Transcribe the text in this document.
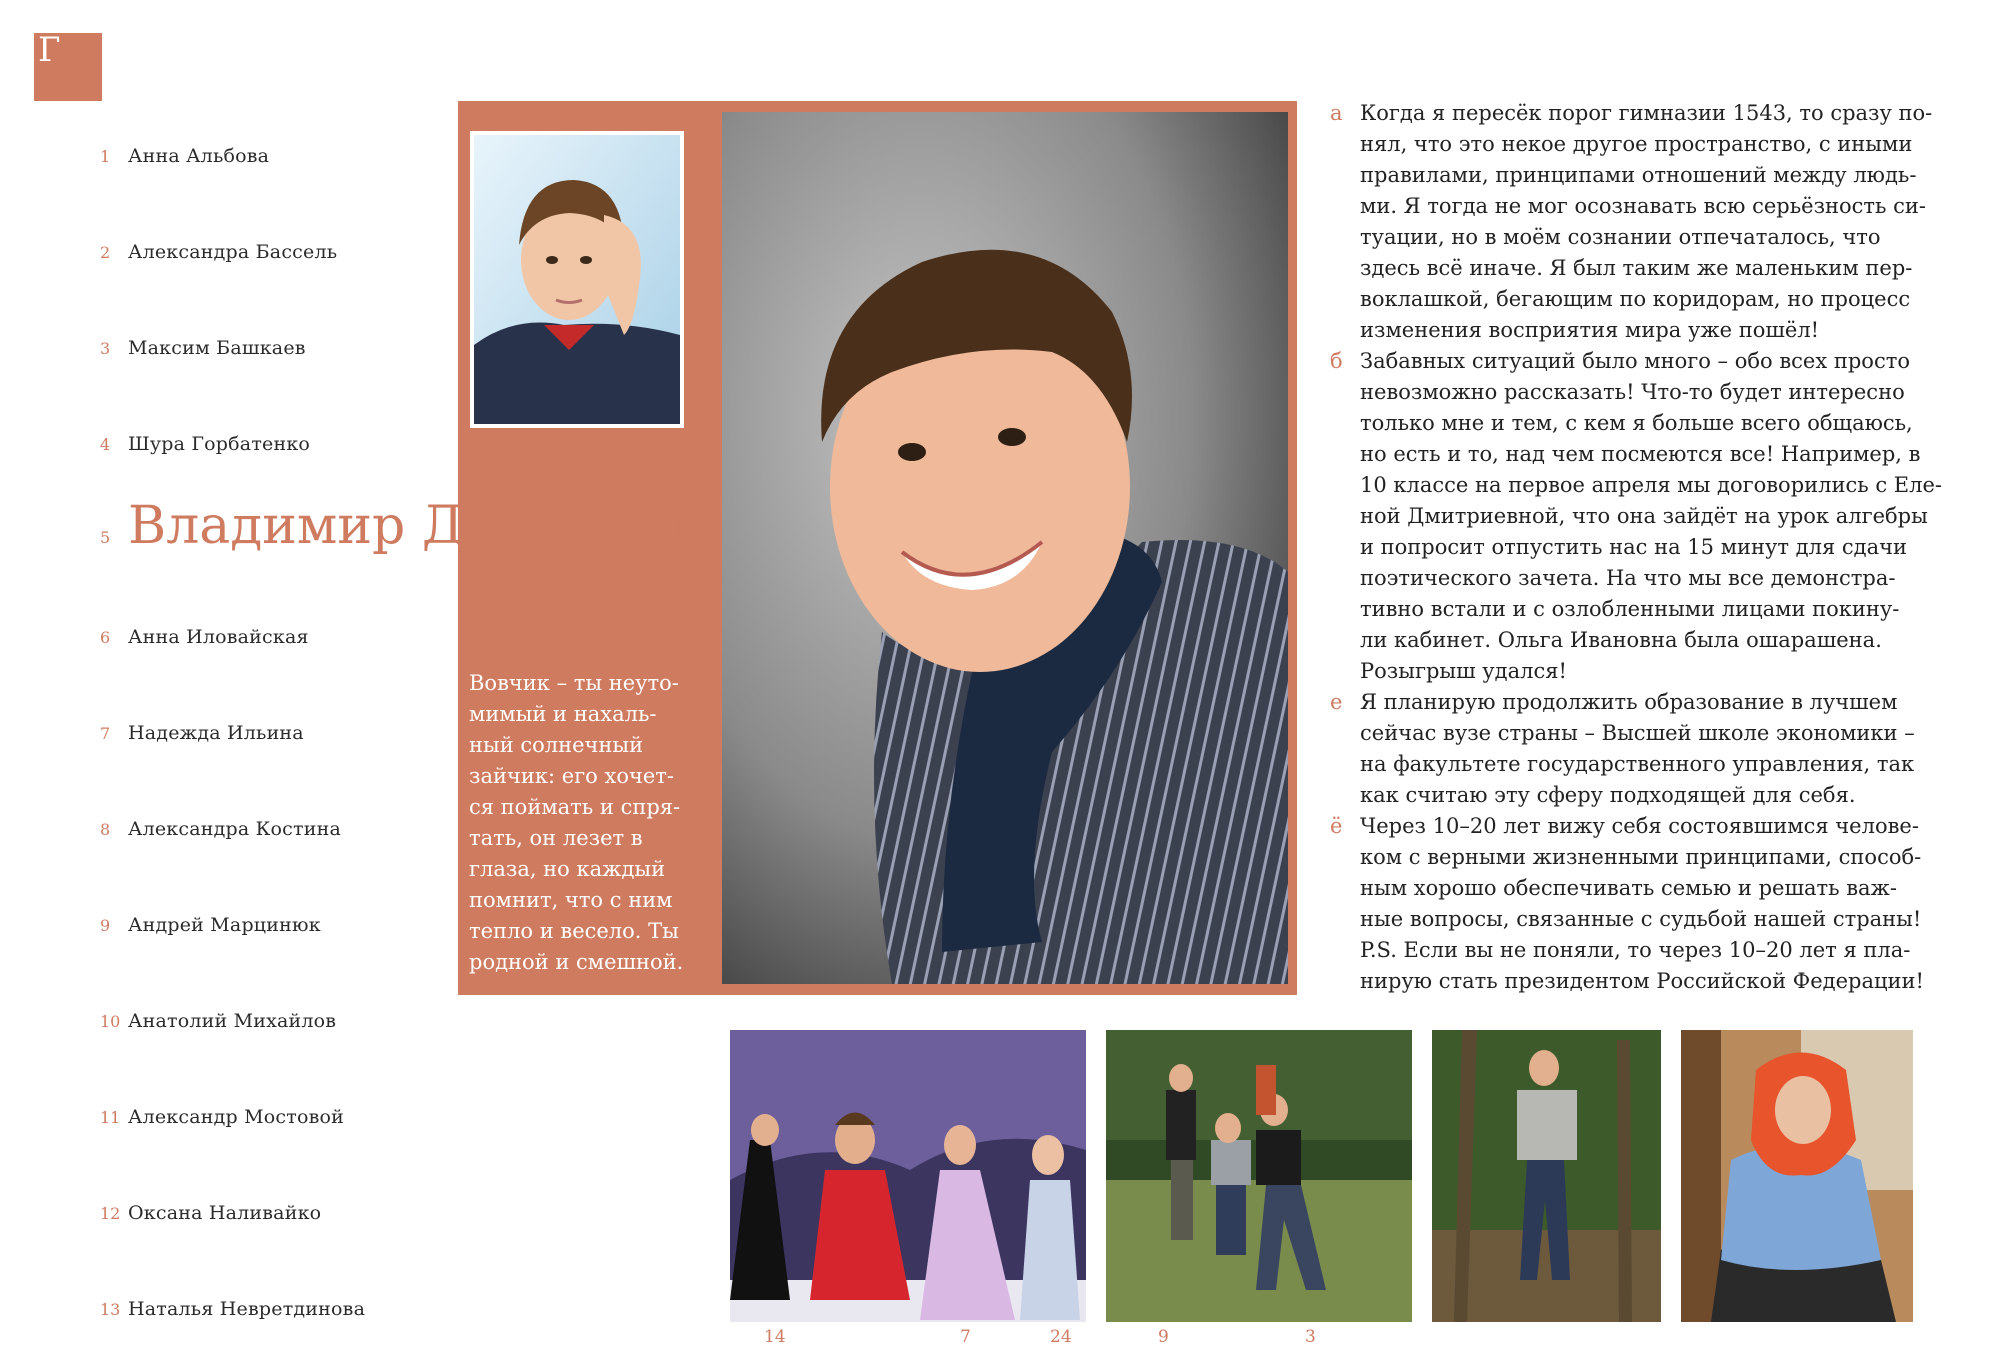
Г
1 Анна Альбова
2 Александра Бассель
3 Максим Башкаев
4 Шура Горбатенко
5 Владимир Дробижев
6 Анна Иловайская
7 Надежда Ильина
8 Александра Костина
9 Андрей Марцинюк
10 Анатолий Михайлов
11 Александр Мостовой
12 Оксана Наливайко
13 Наталья Невретдинова

Вовчик – ты неуто-
мимый и нахаль-
ный солнечный
зайчик: его хочет-
ся поймать и спря-
тать, он лезет в
глаза, но каждый
помнит, что с ним
тепло и весело. Ты
родной и смешной.

а Когда я пересёк порог гимназии 1543, то сразу по-
нял, что это некое другое пространство, с иными
правилами, принципами отношений между людь-
ми. Я тогда не мог осознавать всю серьёзность си-
туации, но в моём сознании отпечаталось, что
здесь всё иначе. Я был таким же маленьким пер-
воклашкой, бегающим по коридорам, но процесс
изменения восприятия мира уже пошёл!
б Забавных ситуаций было много – обо всех просто
невозможно рассказать! Что-то будет интересно
только мне и тем, с кем я больше всего общаюсь,
но есть и то, над чем посмеются все! Например, в
10 классе на первое апреля мы договорились с Еле-
ной Дмитриевной, что она зайдёт на урок алгебры
и попросит отпустить нас на 15 минут для сдачи
поэтического зачета. На что мы все демонстра-
тивно встали и с озлобленными лицами покину-
ли кабинет. Ольга Ивановна была ошарашена.
Розыгрыш удался!
е Я планирую продолжить образование в лучшем
сейчас вузе страны – Высшей школе экономики –
на факультете государственного управления, так
как считаю эту сферу подходящей для себя.
ё Через 10–20 лет вижу себя состоявшимся челове-
ком с верными жизненными принципами, способ-
ным хорошо обеспечивать семью и решать важ-
ные вопросы, связанные с судьбой нашей страны!
P.S. Если вы не поняли, то через 10–20 лет я пла-
нирую стать президентом Российской Федерации!
14	7	24	9	3
